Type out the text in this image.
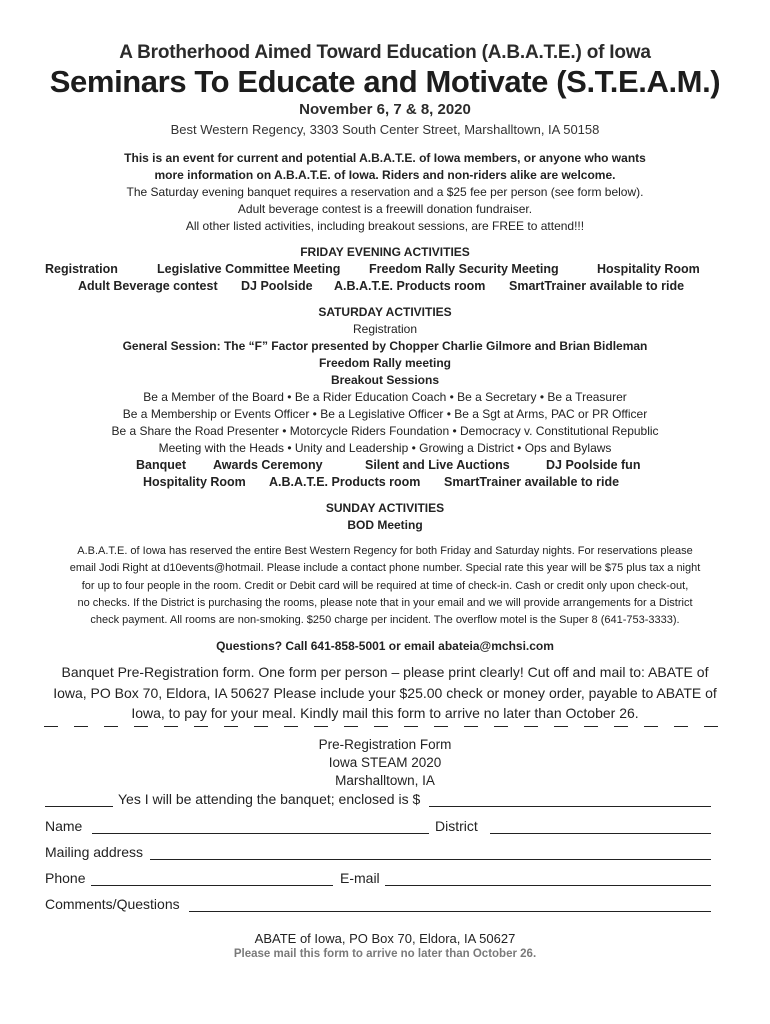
A Brotherhood Aimed Toward Education (A.B.A.T.E.) of Iowa
Seminars To Educate and Motivate (S.T.E.A.M.)
November 6, 7 & 8, 2020
Best Western Regency, 3303 South Center Street, Marshalltown, IA 50158
This is an event for current and potential A.B.A.T.E. of Iowa members, or anyone who wants
more information on A.B.A.T.E. of Iowa. Riders and non-riders alike are welcome.
The Saturday evening banquet requires a reservation and a $25 fee per person (see form below).
Adult beverage contest is a freewill donation fundraiser.
All other listed activities, including breakout sessions, are FREE to attend!!!
FRIDAY EVENING ACTIVITIES
Registration	Legislative Committee Meeting Freedom Rally Security Meeting	Hospitality Room
Adult Beverage contest DJ Poolside A.B.A.T.E. Products room SmartTrainer available to ride
SATURDAY ACTIVITIES
Registration
General Session: The “F” Factor presented by Chopper Charlie Gilmore and Brian Bidleman
Freedom Rally meeting
Breakout Sessions
Be a Member of the Board • Be a Rider Education Coach • Be a Secretary • Be a Treasurer
Be a Membership or Events Officer • Be a Legislative Officer • Be a Sgt at Arms, PAC or PR Officer
Be a Share the Road Presenter • Motorcycle Riders Foundation • Democracy v. Constitutional Republic
Meeting with the Heads • Unity and Leadership • Growing a District • Ops and Bylaws
Banquet Awards Ceremony	Silent and Live Auctions	DJ Poolside fun
Hospitality Room A.B.A.T.E. Products room SmartTrainer available to ride
SUNDAY ACTIVITIES
BOD Meeting
A.B.A.T.E. of Iowa has reserved the entire Best Western Regency for both Friday and Saturday nights. For reservations please
email Jodi Right at d10events@hotmail. Please include a contact phone number. Special rate this year will be $75 plus tax a night
for up to four people in the room. Credit or Debit card will be required at time of check-in. Cash or credit only upon check-out,
no checks. If the District is purchasing the rooms, please note that in your email and we will provide arrangements for a District
check payment. All rooms are non-smoking. $250 charge per incident. The overflow motel is the Super 8 (641-753-3333).
Questions? Call 641-858-5001 or email abateia@mchsi.com
Banquet Pre-Registration form. One form per person – please print clearly! Cut off and mail to: ABATE of
Iowa, PO Box 70, Eldora, IA 50627 Please include your $25.00 check or money order, payable to ABATE of
Iowa, to pay for your meal. Kindly mail this form to arrive no later than October 26.
Pre-Registration Form
Iowa STEAM 2020
Marshalltown, IA
Yes I will be attending the banquet; enclosed is $
Name	District
Mailing address
Phone	E-mail
Comments/Questions
ABATE of Iowa, PO Box 70, Eldora, IA 50627
Please mail this form to arrive no later than October 26.
